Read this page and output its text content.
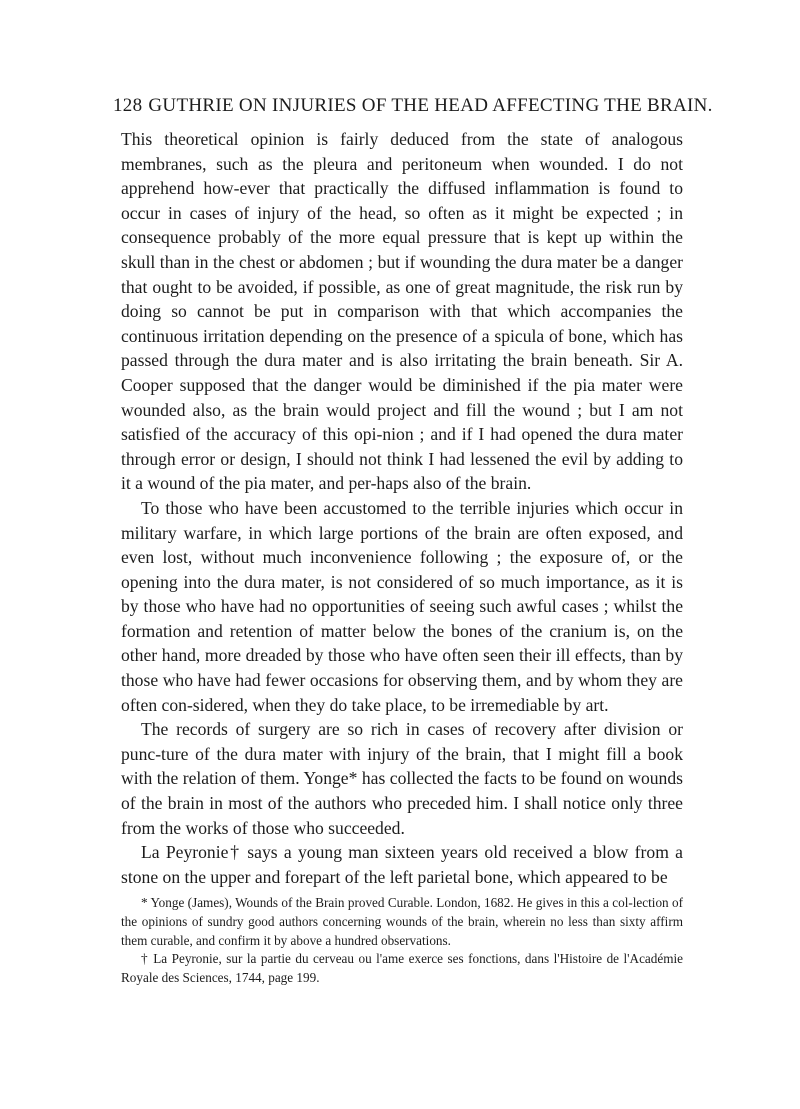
128 GUTHRIE ON INJURIES OF THE HEAD AFFECTING THE BRAIN.

This theoretical opinion is fairly deduced from the state of analogous membranes, such as the pleura and peritoneum when wounded. I do not apprehend how-ever that practically the diffused inflammation is found to occur in cases of injury of the head, so often as it might be expected ; in consequence probably of the more equal pressure that is kept up within the skull than in the chest or abdomen ; but if wounding the dura mater be a danger that ought to be avoided, if possible, as one of great magnitude, the risk run by doing so cannot be put in comparison with that which accompanies the continuous irritation depending on the presence of a spicula of bone, which has passed through the dura mater and is also irritating the brain beneath. Sir A. Cooper supposed that the danger would be diminished if the pia mater were wounded also, as the brain would project and fill the wound ; but I am not satisfied of the accuracy of this opi-nion ; and if I had opened the dura mater through error or design, I should not think I had lessened the evil by adding to it a wound of the pia mater, and per-haps also of the brain.

To those who have been accustomed to the terrible injuries which occur in military warfare, in which large portions of the brain are often exposed, and even lost, without much inconvenience following ; the exposure of, or the opening into the dura mater, is not considered of so much importance, as it is by those who have had no opportunities of seeing such awful cases ; whilst the formation and retention of matter below the bones of the cranium is, on the other hand, more dreaded by those who have often seen their ill effects, than by those who have had fewer occasions for observing them, and by whom they are often con-sidered, when they do take place, to be irremediable by art.

The records of surgery are so rich in cases of recovery after division or punc-ture of the dura mater with injury of the brain, that I might fill a book with the relation of them. Yonge* has collected the facts to be found on wounds of the brain in most of the authors who preceded him. I shall notice only three from the works of those who succeeded.

La Peyronie† says a young man sixteen years old received a blow from a stone on the upper and forepart of the left parietal bone, which appeared to be

* Yonge (James), Wounds of the Brain proved Curable. London, 1682. He gives in this a col-lection of the opinions of sundry good authors concerning wounds of the brain, wherein no less than sixty affirm them curable, and confirm it by above a hundred observations.

† La Peyronie, sur la partie du cerveau ou l'ame exerce ses fonctions, dans l'Histoire de l'Académie Royale des Sciences, 1744, page 199.
